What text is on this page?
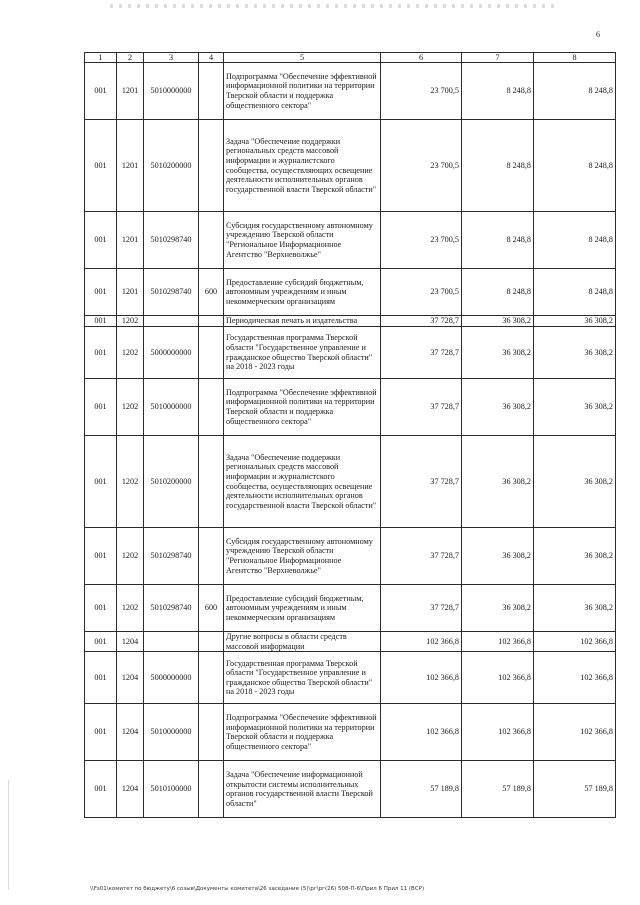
6
1	2	3	4	5	6	7	8
001	1201	5010000000		Подпрограмма "Обеспечение эффективной информационной политики на территории Тверской области и поддержка общественного сектора"	23 700,5	8 248,8	8 248,8
001	1201	5010200000		Задача "Обеспечение поддержки региональных средств массовой информации и журналистского сообщества, осуществляющих освещение деятельности исполнительных органов государственной власти Тверской области"	23 700,5	8 248,8	8 248,8
001	1201	5010298740		Субсидия государственному автономному учреждению Тверской области "Региональное Информационное Агентство "Верхневолжье"	23 700,5	8 248,8	8 248,8
001	1201	5010298740	600	Предоставление субсидий бюджетным, автономным учреждениям и иным некоммерческим организациям	23 700,5	8 248,8	8 248,8
001	1202			Периодическая печать и издательства	37 728,7	36 308,2	36 308,2
001	1202	5000000000		Государственная программа Тверской области "Государственное управление и гражданское общество Тверской области" на 2018 - 2023 годы	37 728,7	36 308,2	36 308,2
001	1202	5010000000		Подпрограмма "Обеспечение эффективной информационной политики на территории Тверской области и поддержка общественного сектора"	37 728,7	36 308,2	36 308,2
001	1202	5010200000		Задача "Обеспечение поддержки региональных средств массовой информации и журналистского сообщества, осуществляющих освещение деятельности исполнительных органов государственной власти Тверской области"	37 728,7	36 308,2	36 308,2
001	1202	5010298740		Субсидия государственному автономному учреждению Тверской области "Региональное Информационное Агентство "Верхневолжье"	37 728,7	36 308,2	36 308,2
001	1202	5010298740	600	Предоставление субсидий бюджетным, автономным учреждениям и иным некоммерческим организациям	37 728,7	36 308,2	36 308,2
001	1204			Другие вопросы в области средств массовой информации	102 366,8	102 366,8	102 366,8
001	1204	5000000000		Государственная программа Тверской области "Государственное управление и гражданское общество Тверской области" на 2018 - 2023 годы	102 366,8	102 366,8	102 366,8
001	1204	5010000000		Подпрограмма "Обеспечение эффективной информационной политики на территории Тверской области и поддержка общественного сектора"	102 366,8	102 366,8	102 366,8
001	1204	5010100000		Задача "Обеспечение информационной открытости системы исполнительных органов государственной власти Тверской области"	57 189,8	57 189,8	57 189,8
\\Fs01\комитет по бюджету\6 созыв\Документы комитета\26 заседание (5)\рг\рг(26) 508-П-6\Прил 6 Прил 11 (ВСР)
